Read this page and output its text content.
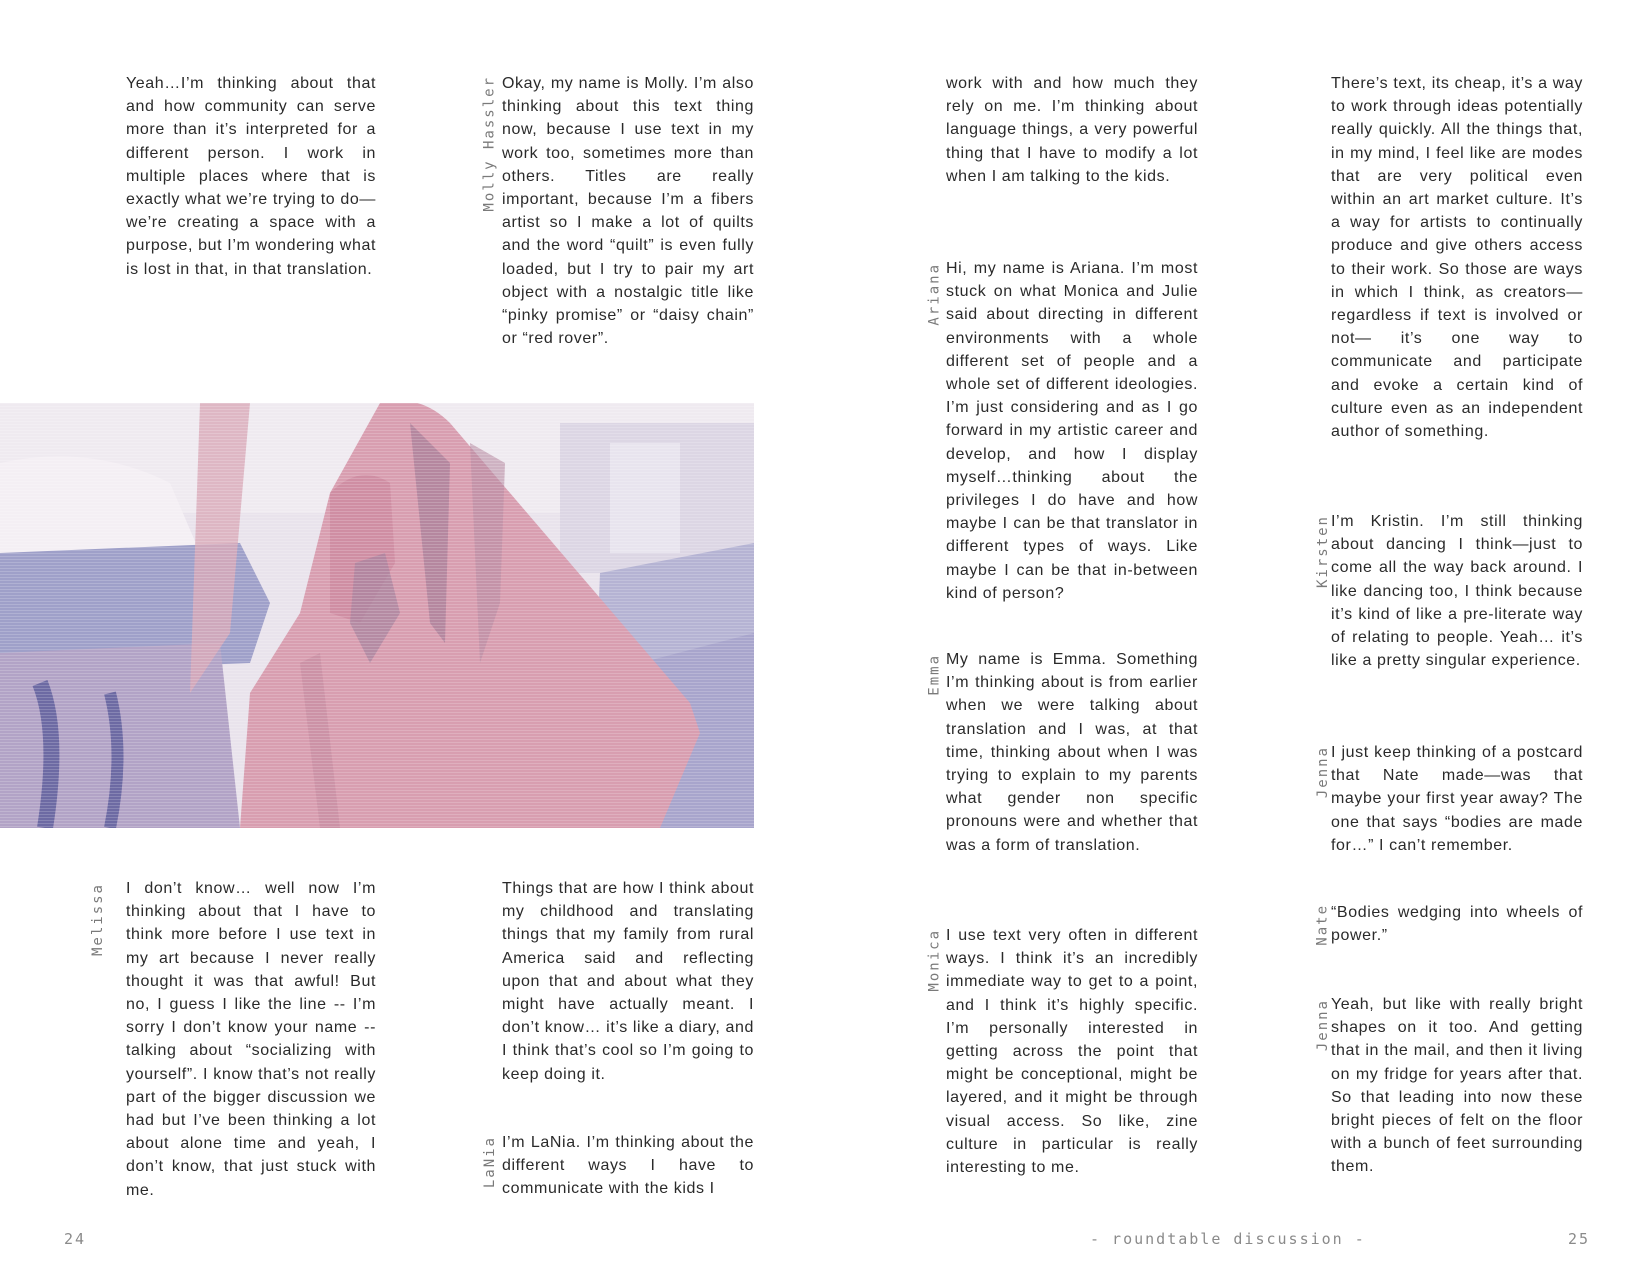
Yeah…I’m thinking about that and how community can serve more than it’s interpreted for a different person. I work in multiple places where that is exactly what we’re trying to do—we’re creating a space with a purpose, but I’m wondering what is lost in that, in that translation.

Molly Hassler Okay, my name is Molly. I’m also thinking about this text thing now, because I use text in my work too, sometimes more than others. Titles are really important, because I’m a fibers artist so I make a lot of quilts and the word “quilt” is even fully loaded, but I try to pair my art object with a nostalgic title like “pinky promise” or “daisy chain” or “red rover”.

Melissa I don’t know… well now I’m thinking about that I have to think more before I use text in my art because I never really thought it was that awful! But no, I guess I like the line -- I’m sorry I don’t know your name -- talking about “socializing with yourself”. I know that’s not really part of the bigger discussion we had but I’ve been thinking a lot about alone time and yeah, I don’t know, that just stuck with me.

Things that are how I think about my childhood and translating things that my family from rural America said and reflecting upon that and about what they might have actually meant. I don’t know… it’s like a diary, and I think that’s cool so I’m going to keep doing it.

LaNia I’m LaNia. I’m thinking about the different ways I have to communicate with the kids I

24

work with and how much they rely on me. I’m thinking about language things, a very powerful thing that I have to modify a lot when I am talking to the kids.

Ariana Hi, my name is Ariana. I’m most stuck on what Monica and Julie said about directing in different environments with a whole different set of people and a whole set of different ideologies. I’m just considering and as I go forward in my artistic career and develop, and how I display myself…thinking about the privileges I do have and how maybe I can be that translator in different types of ways. Like maybe I can be that in-between kind of person?

Emma My name is Emma. Something I’m thinking about is from earlier when we were talking about translation and I was, at that time, thinking about when I was trying to explain to my parents what gender non specific pronouns were and whether that was a form of translation.

Monica I use text very often in different ways. I think it’s an incredibly immediate way to get to a point, and I think it’s highly specific. I’m personally interested in getting across the point that might be conceptional, might be layered, and it might be through visual access. So like, zine culture in particular is really interesting to me.

There’s text, its cheap, it’s a way to work through ideas potentially really quickly. All the things that, in my mind, I feel like are modes that are very political even within an art market culture. It’s a way for artists to continually produce and give others access to their work. So those are ways in which I think, as creators—regardless if text is involved or not— it’s one way to communicate and participate and evoke a certain kind of culture even as an independent author of something.

Kirsten I’m Kristin. I’m still thinking about dancing I think—just to come all the way back around. I like dancing too, I think because it’s kind of like a pre-literate way of relating to people. Yeah… it’s like a pretty singular experience.

Jenna I just keep thinking of a postcard that Nate made—was that maybe your first year away? The one that says “bodies are made for…” I can’t remember.

Nate “Bodies wedging into wheels of power.”

Jenna Yeah, but like with really bright shapes on it too. And getting that in the mail, and then it living on my fridge for years after that. So that leading into now these bright pieces of felt on the floor with a bunch of feet surrounding them.

- roundtable discussion -	25
